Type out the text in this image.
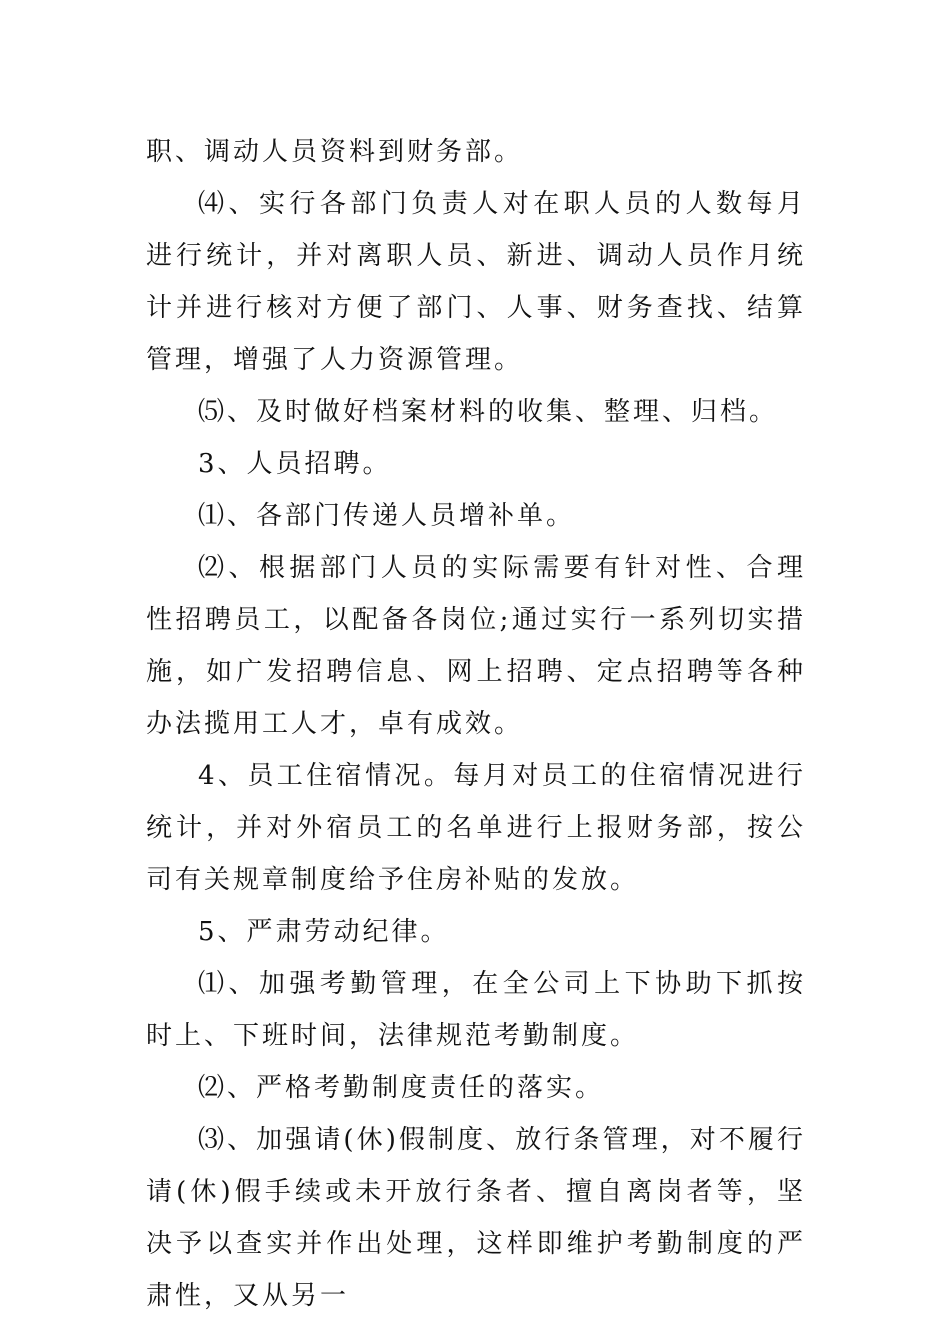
职、调动人员资料到财务部。

⑷、实行各部门负责人对在职人员的人数每月进行统计，并对离职人员、新进、调动人员作月统计并进行核对方便了部门、人事、财务查找、结算管理，增强了人力资源管理。

⑸、及时做好档案材料的收集、整理、归档。

3、人员招聘。

⑴、各部门传递人员增补单。

⑵、根据部门人员的实际需要有针对性、合理性招聘员工，以配备各岗位;通过实行一系列切实措施，如广发招聘信息、网上招聘、定点招聘等各种办法揽用工人才，卓有成效。

4、员工住宿情况。每月对员工的住宿情况进行统计，并对外宿员工的名单进行上报财务部，按公司有关规章制度给予住房补贴的发放。

5、严肃劳动纪律。

⑴、加强考勤管理，在全公司上下协助下抓按时上、下班时间，法律规范考勤制度。

⑵、严格考勤制度责任的落实。

⑶、加强请(休)假制度、放行条管理，对不履行请(休)假手续或未开放行条者、擅自离岗者等，坚决予以查实并作出处理，这样即维护考勤制度的严肃性，又从另一
